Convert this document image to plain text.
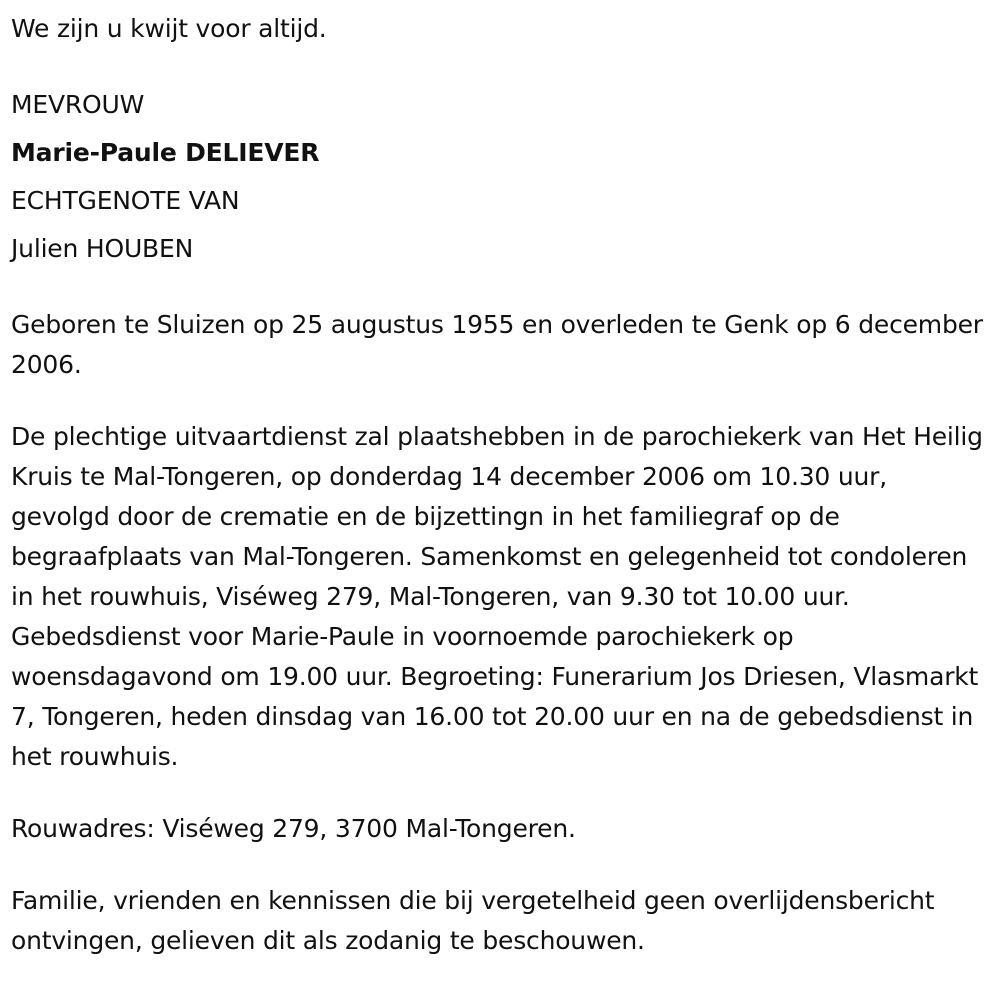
We zijn u kwijt voor altijd.

MEVROUW

Marie-Paule DELIEVER

ECHTGENOTE VAN

Julien HOUBEN

Geboren te Sluizen op 25 augustus 1955 en overleden te Genk op 6 december 2006.

De plechtige uitvaartdienst zal plaatshebben in de parochiekerk van Het Heilig Kruis te Mal-Tongeren, op donderdag 14 december 2006 om 10.30 uur, gevolgd door de crematie en de bijzettingn in het familiegraf op de begraafplaats van Mal-Tongeren. Samenkomst en gelegenheid tot condoleren in het rouwhuis, Viséweg 279, Mal-Tongeren, van 9.30 tot 10.00 uur. Gebedsdienst voor Marie-Paule in voornoemde parochiekerk op woensdagavond om 19.00 uur. Begroeting: Funerarium Jos Driesen, Vlasmarkt 7, Tongeren, heden dinsdag van 16.00 tot 20.00 uur en na de gebedsdienst in het rouwhuis.

Rouwadres: Viséweg 279, 3700 Mal-Tongeren.

Familie, vrienden en kennissen die bij vergetelheid geen overlijdensbericht ontvingen, gelieven dit als zodanig te beschouwen.
